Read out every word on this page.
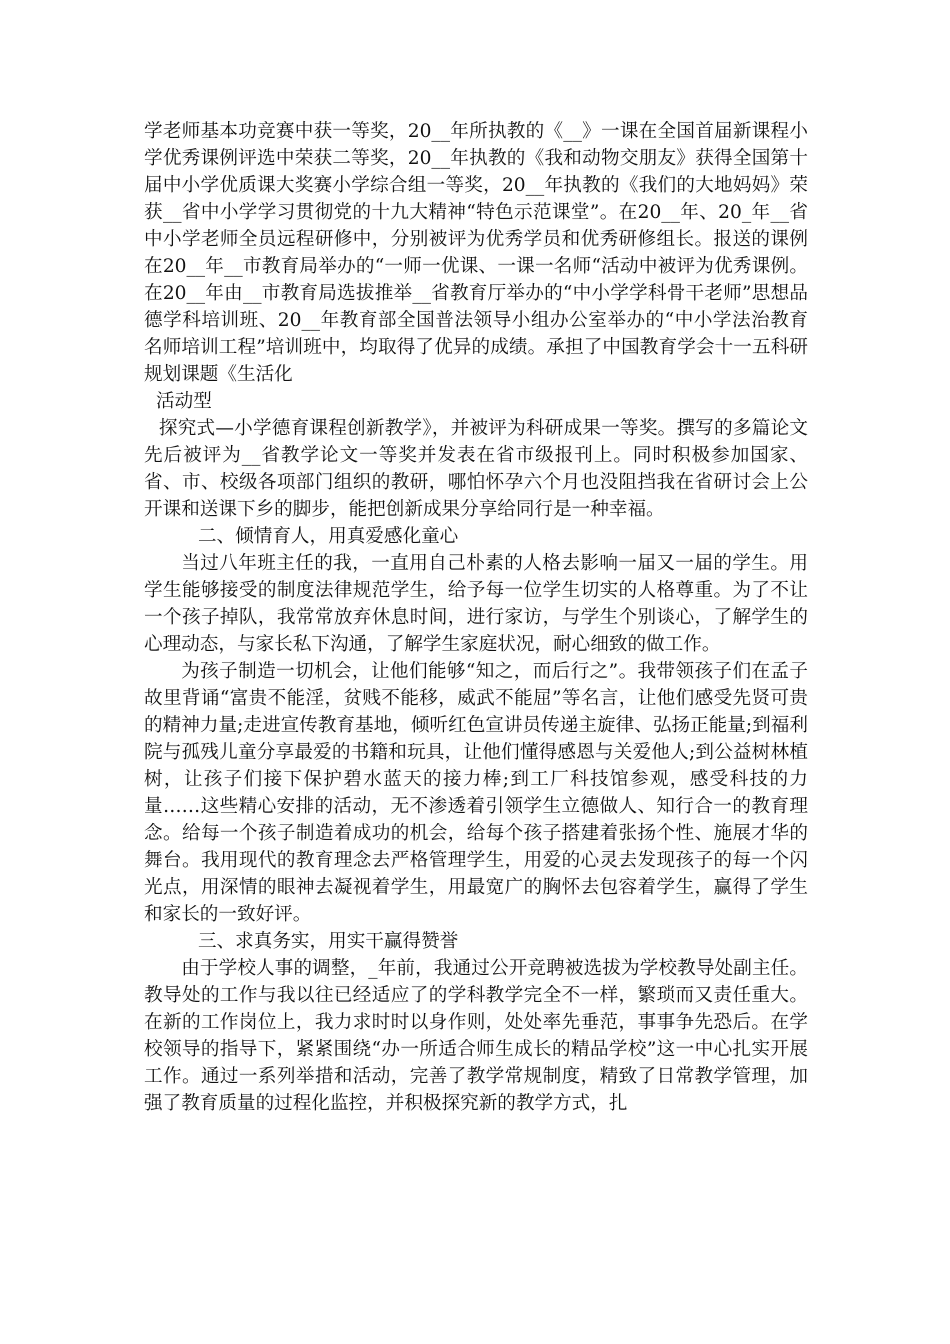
学老师基本功竞赛中获一等奖，20__年所执教的《__》一课在全国首届新课程小学优秀课例评选中荣获二等奖，20__年执教的《我和动物交朋友》获得全国第十届中小学优质课大奖赛小学综合组一等奖，20__年执教的《我们的大地妈妈》荣获__省中小学学习贯彻党的十九大精神“特色示范课堂”。在20__年、20_年__省中小学老师全员远程研修中，分别被评为优秀学员和优秀研修组长。报送的课例在20__年__市教育局举办的“一师一优课、一课一名师“活动中被评为优秀课例。在20__年由__市教育局选拔推举__省教育厅举办的“中小学学科骨干老师”思想品德学科培训班、20__年教育部全国普法领导小组办公室举办的“中小学法治教育名师培训工程”培训班中，均取得了优异的成绩。承担了中国教育学会十一五科研规划课题《生活化

活动型

探究式—小学德育课程创新教学》，并被评为科研成果一等奖。撰写的多篇论文先后被评为__省教学论文一等奖并发表在省市级报刊上。同时积极参加国家、省、市、校级各项部门组织的教研，哪怕怀孕六个月也没阻挡我在省研讨会上公开课和送课下乡的脚步，能把创新成果分享给同行是一种幸福。

二、倾情育人，用真爱感化童心

当过八年班主任的我，一直用自己朴素的人格去影响一届又一届的学生。用学生能够接受的制度法律规范学生，给予每一位学生切实的人格尊重。为了不让一个孩子掉队，我常常放弃休息时间，进行家访，与学生个别谈心，了解学生的心理动态，与家长私下沟通，了解学生家庭状况，耐心细致的做工作。

为孩子制造一切机会，让他们能够“知之，而后行之”。我带领孩子们在孟子故里背诵“富贵不能淫，贫贱不能移，威武不能屈”等名言，让他们感受先贤可贵的精神力量;走进宣传教育基地，倾听红色宣讲员传递主旋律、弘扬正能量;到福利院与孤残儿童分享最爱的书籍和玩具，让他们懂得感恩与关爱他人;到公益树林植树，让孩子们接下保护碧水蓝天的接力棒;到工厂科技馆参观，感受科技的力量……这些精心安排的活动，无不渗透着引领学生立德做人、知行合一的教育理念。给每一个孩子制造着成功的机会，给每个孩子搭建着张扬个性、施展才华的舞台。我用现代的教育理念去严格管理学生，用爱的心灵去发现孩子的每一个闪光点，用深情的眼神去凝视着学生，用最宽广的胸怀去包容着学生，赢得了学生和家长的一致好评。

三、求真务实，用实干赢得赞誉

由于学校人事的调整，_年前，我通过公开竞聘被选拔为学校教导处副主任。教导处的工作与我以往已经适应了的学科教学完全不一样，繁琐而又责任重大。在新的工作岗位上，我力求时时以身作则，处处率先垂范，事事争先恐后。在学校领导的指导下，紧紧围绕“办一所适合师生成长的精品学校”这一中心扎实开展工作。通过一系列举措和活动，完善了教学常规制度，精致了日常教学管理，加强了教育质量的过程化监控，并积极探究新的教学方式，扎
